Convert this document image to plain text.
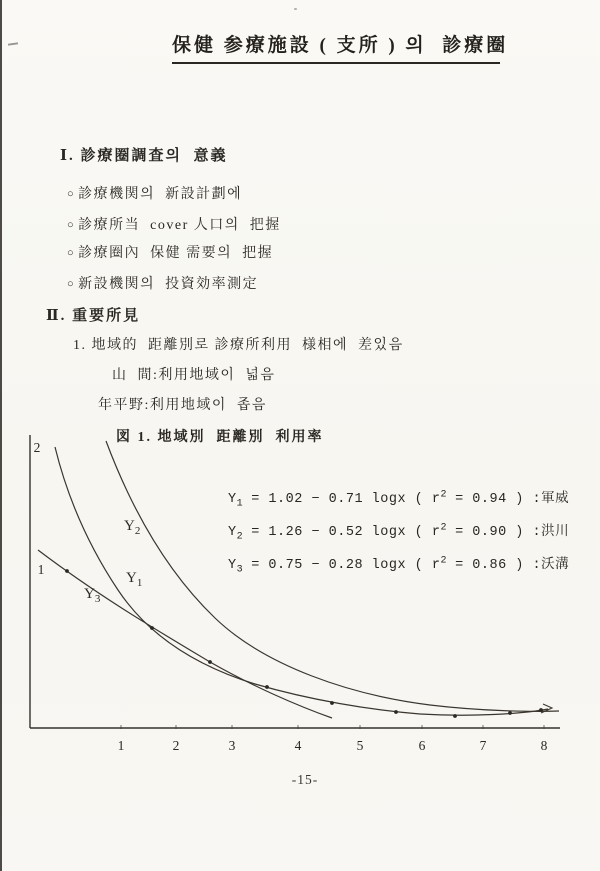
保健 参療施設 ( 支所 ) 의  診療圈
Ⅰ. 診療圈調査의  意義
○ 診療機関의  新設計劃에
○ 診療所当  cover 人口의  把握
○ 診療圈內  保健 需要의  把握
○ 新設機関의  投資効率測定
Ⅱ. 重要所見
1. 地域的  距離別로 診療所利用  様相에  差있음
山  間:利用地域이  넓음
年平野:利用地域이  좁음
図 1. 地域別  距離別  利用率
2
1
$Y_2$
$Y_1$
$Y_3$
$Y_1 = 1.02 - 0.71$ logx ( $r^2 = 0.94$ ) :軍威
$Y_2 = 1.26 - 0.52$ logx ( $r^2 = 0.90$ ) :洪川
$Y_3 = 0.75 - 0.28$ logx ( $r^2 = 0.86$ ) :沃溝
1	2	3	4	5	6	7	8
-15-
